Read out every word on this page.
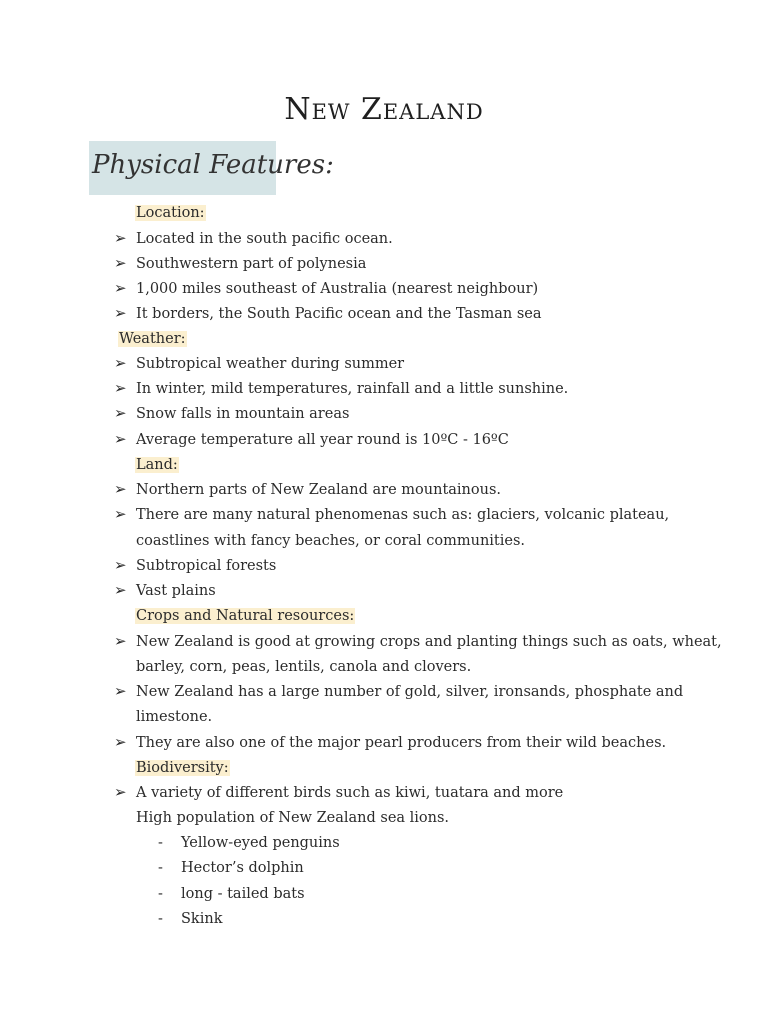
New Zealand
Physical Features:
Location:
➢ Located in the south pacific ocean.
➢ Southwestern part of polynesia
➢ 1,000 miles southeast of Australia (nearest neighbour)
➢ It borders, the South Pacific ocean and the Tasman sea
Weather:
➢ Subtropical weather during summer
➢ In winter, mild temperatures, rainfall and a little sunshine.
➢ Snow falls in mountain areas
➢ Average temperature all year round is 10ºC - 16ºC
Land:
➢ Northern parts of New Zealand are mountainous.
➢ There are many natural phenomenas such as: glaciers, volcanic plateau,
coastlines with fancy beaches, or coral communities.
➢ Subtropical forests
➢ Vast plains
Crops and Natural resources:
➢ New Zealand is good at growing crops and planting things such as oats, wheat,
barley, corn, peas, lentils, canola and clovers.
➢ New Zealand has a large number of gold, silver, ironsands, phosphate and
limestone.
➢ They are also one of the major pearl producers from their wild beaches.
Biodiversity:
➢ A variety of different birds such as kiwi, tuatara and more
High population of New Zealand sea lions.
- Yellow-eyed penguins
- Hector’s dolphin
- long - tailed bats
- Skink
